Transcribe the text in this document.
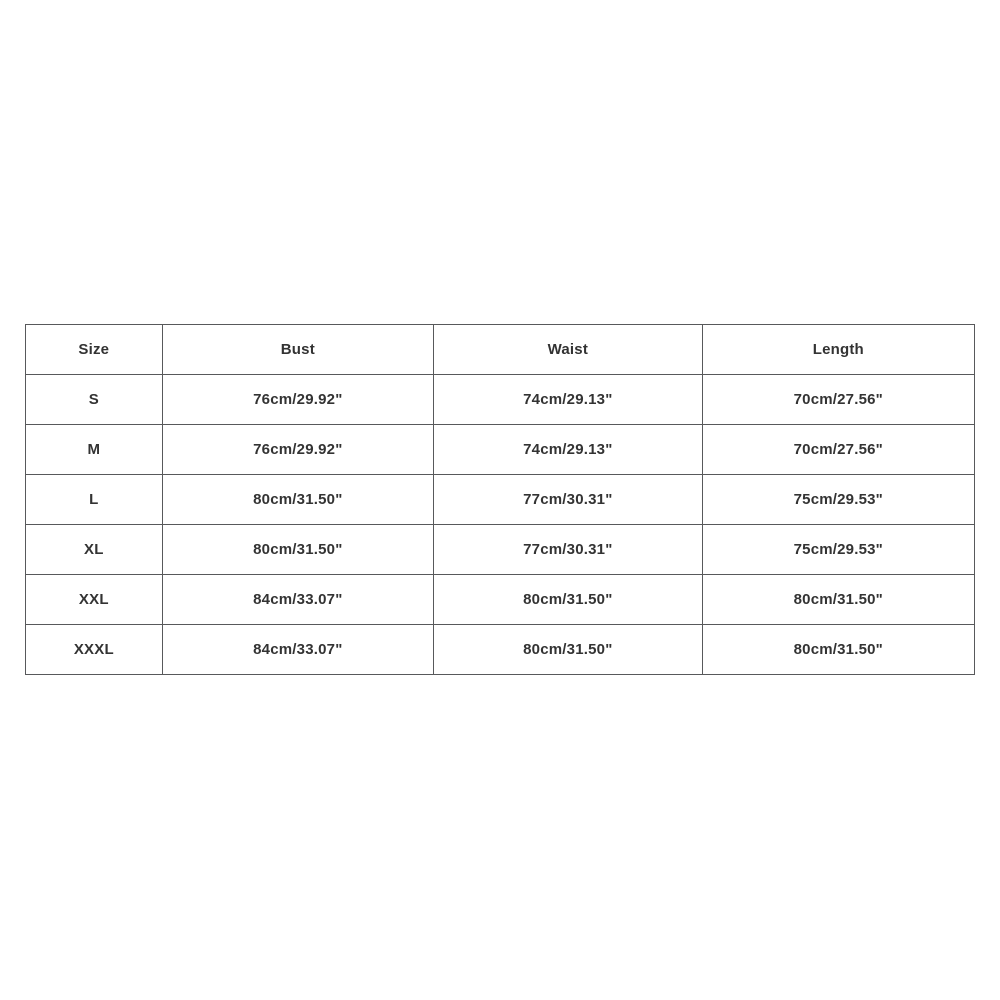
Size	Bust	Waist	Length
S	76cm/29.92"	74cm/29.13"	70cm/27.56"
M	76cm/29.92"	74cm/29.13"	70cm/27.56"
L	80cm/31.50"	77cm/30.31"	75cm/29.53"
XL	80cm/31.50"	77cm/30.31"	75cm/29.53"
XXL	84cm/33.07"	80cm/31.50"	80cm/31.50"
XXXL	84cm/33.07"	80cm/31.50"	80cm/31.50"
